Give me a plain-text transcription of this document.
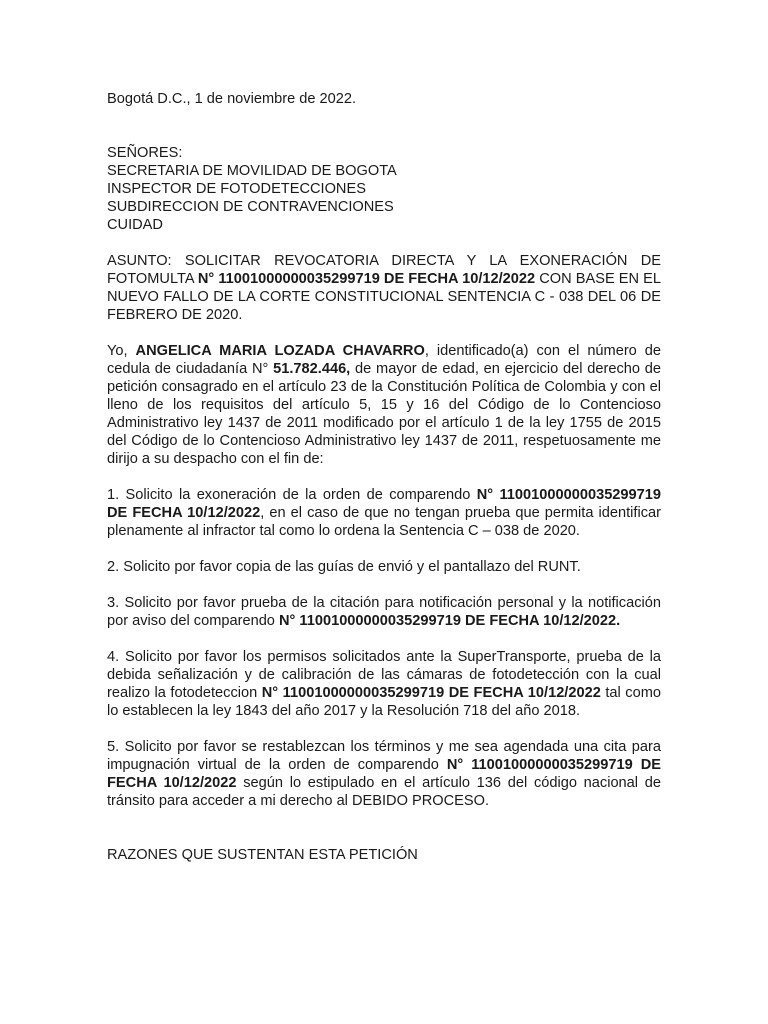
Bogotá D.C., 1 de noviembre de 2022.

SEÑORES:

SECRETARIA DE MOVILIDAD DE BOGOTA

INSPECTOR DE FOTODETECCIONES

SUBDIRECCION DE CONTRAVENCIONES

CUIDAD

ASUNTO: SOLICITAR REVOCATORIA DIRECTA Y LA EXONERACIÓN DE FOTOMULTA N° 11001000000035299719 DE FECHA 10/12/2022 CON BASE EN EL NUEVO FALLO DE LA CORTE CONSTITUCIONAL SENTENCIA C - 038 DEL 06 DE FEBRERO DE 2020.

Yo, ANGELICA MARIA LOZADA CHAVARRO, identificado(a) con el número de cedula de ciudadanía N° 51.782.446, de mayor de edad, en ejercicio del derecho de petición consagrado en el artículo 23 de la Constitución Política de Colombia y con el lleno de los requisitos del artículo 5, 15 y 16 del Código de lo Contencioso Administrativo ley 1437 de 2011 modificado por el artículo 1 de la ley 1755 de 2015 del Código de lo Contencioso Administrativo ley 1437 de 2011, respetuosamente me dirijo a su despacho con el fin de:

1. Solicito la exoneración de la orden de comparendo N° 11001000000035299719 DE FECHA 10/12/2022, en el caso de que no tengan prueba que permita identificar plenamente al infractor tal como lo ordena la Sentencia C – 038 de 2020.

2. Solicito por favor copia de las guías de envió y el pantallazo del RUNT.

3. Solicito por favor prueba de la citación para notificación personal y la notificación por aviso del comparendo N° 11001000000035299719 DE FECHA 10/12/2022.

4. Solicito por favor los permisos solicitados ante la SuperTransporte, prueba de la debida señalización y de calibración de las cámaras de fotodetección con la cual realizo la fotodeteccion N° 11001000000035299719 DE FECHA 10/12/2022 tal como lo establecen la ley 1843 del año 2017 y la Resolución 718 del año 2018.

5. Solicito por favor se restablezcan los términos y me sea agendada una cita para impugnación virtual de la orden de comparendo N° 11001000000035299719 DE FECHA 10/12/2022 según lo estipulado en el artículo 136 del código nacional de tránsito para acceder a mi derecho al DEBIDO PROCESO.

RAZONES QUE SUSTENTAN ESTA PETICIÓN
